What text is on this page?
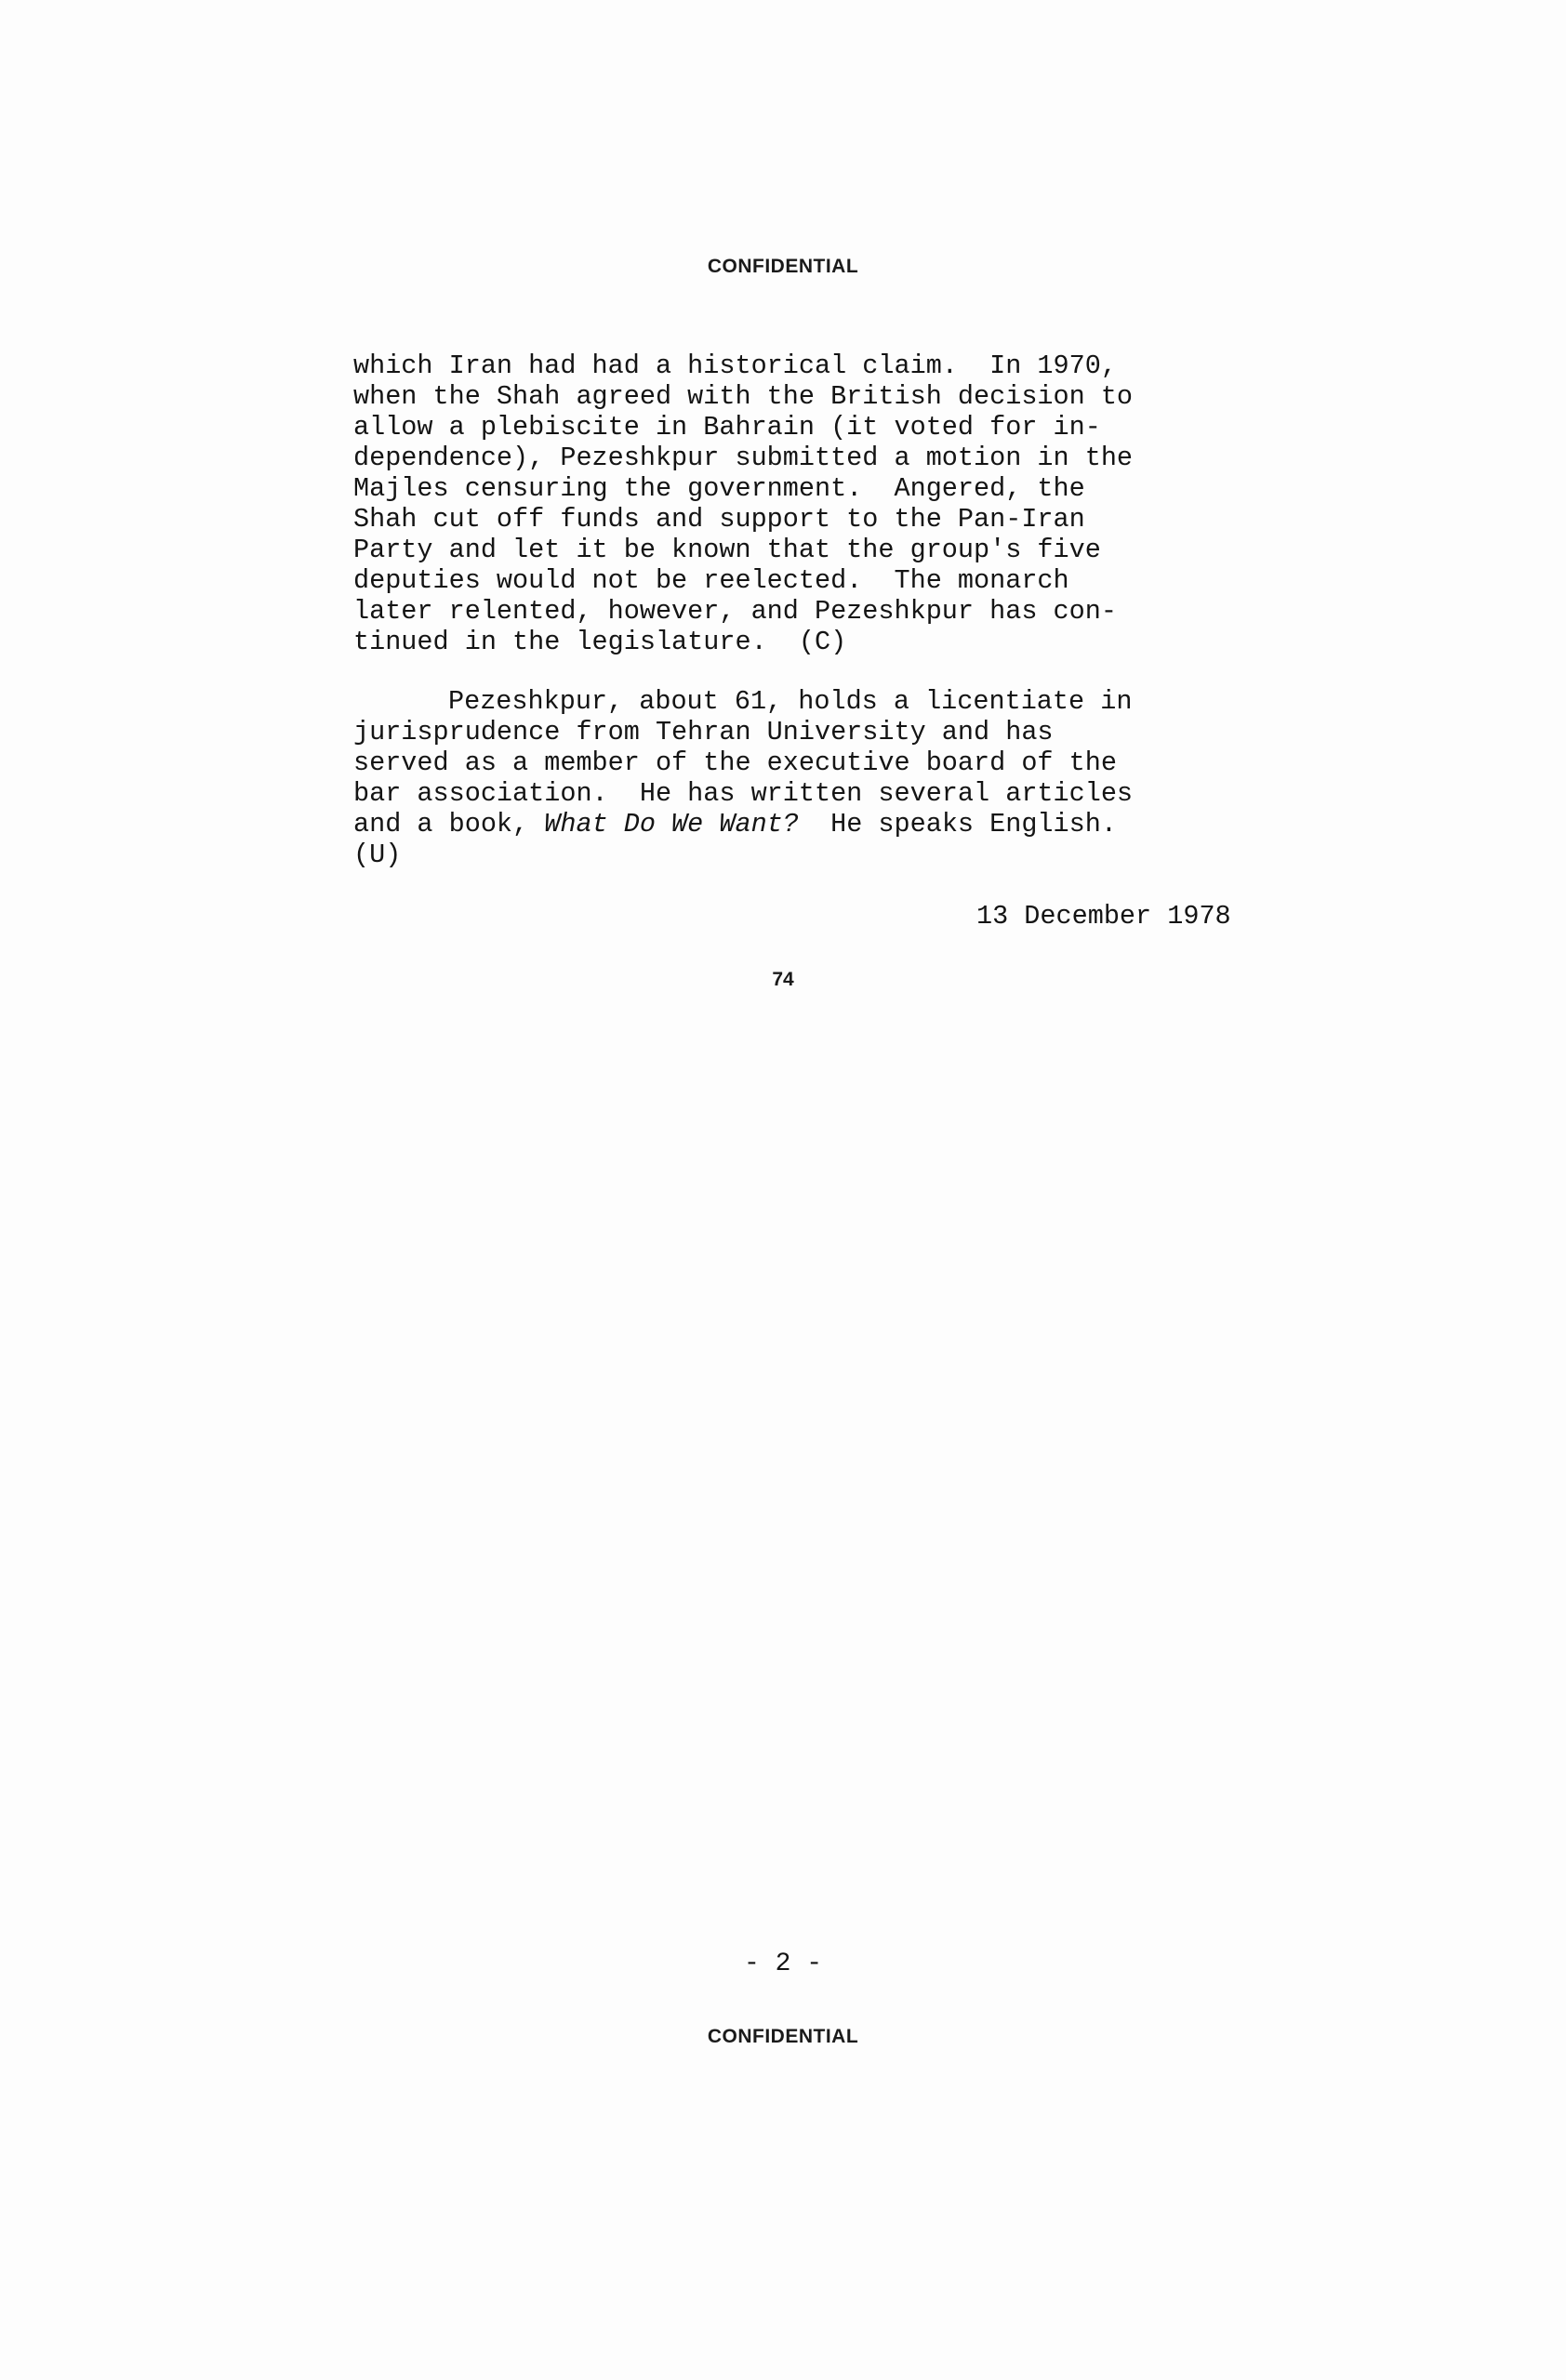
CONFIDENTIAL
which Iran had had a historical claim.  In 1970,
when the Shah agreed with the British decision to
allow a plebiscite in Bahrain (it voted for in-
dependence), Pezeshkpur submitted a motion in the
Majles censuring the government.  Angered, the
Shah cut off funds and support to the Pan-Iran
Party and let it be known that the group's five
deputies would not be reelected.  The monarch
later relented, however, and Pezeshkpur has con-
tinued in the legislature.  (C)
Pezeshkpur, about 61, holds a licentiate in
jurisprudence from Tehran University and has
served as a member of the executive board of the
bar association.  He has written several articles
and a book, What Do We Want?  He speaks English.
(U)
13 December 1978
74
- 2 -
CONFIDENTIAL
